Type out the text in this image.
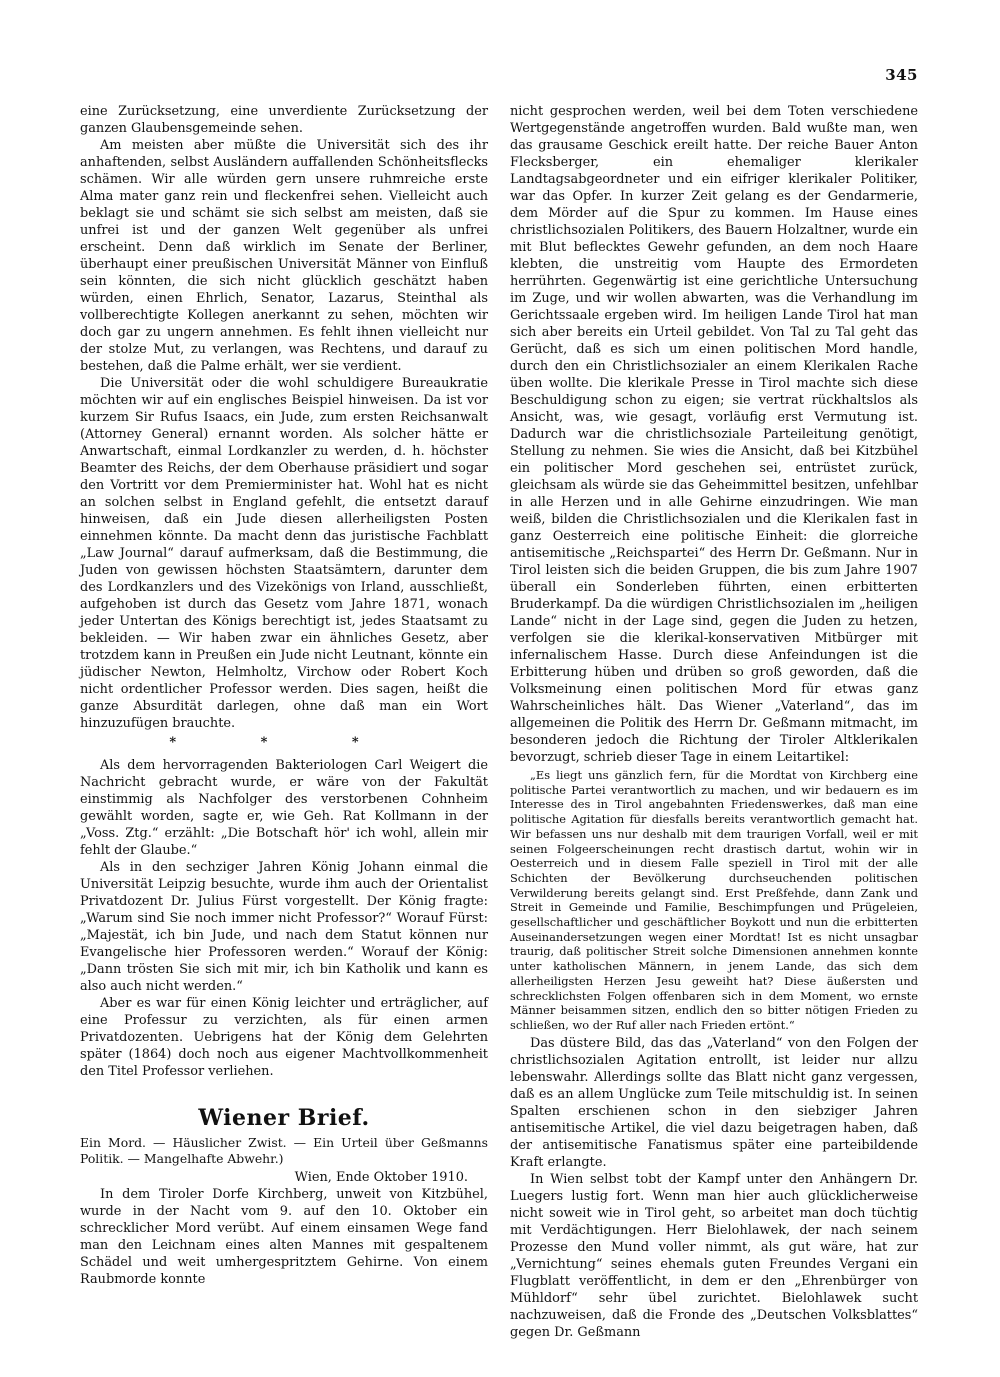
345

eine Zurücksetzung, eine unverdiente Zurücksetzung der ganzen Glaubensgemeinde sehen.

Am meisten aber müßte die Universität sich des ihr anhaftenden, selbst Ausländern auffallenden Schönheitsflecks schämen. Wir alle würden gern unsere ruhmreiche erste Alma mater ganz rein und fleckenfrei sehen. Vielleicht auch beklagt sie und schämt sie sich selbst am meisten, daß sie unfrei ist und der ganzen Welt gegenüber als unfrei erscheint. Denn daß wirklich im Senate der Berliner, überhaupt einer preußischen Universität Männer von Einfluß sein könnten, die sich nicht glücklich geschätzt haben würden, einen Ehrlich, Senator, Lazarus, Steinthal als vollberechtigte Kollegen anerkannt zu sehen, möchten wir doch gar zu ungern annehmen. Es fehlt ihnen vielleicht nur der stolze Mut, zu verlangen, was Rechtens, und darauf zu bestehen, daß die Palme erhält, wer sie verdient.

Die Universität oder die wohl schuldigere Bureaukratie möchten wir auf ein englisches Beispiel hinweisen. Da ist vor kurzem Sir Rufus Isaacs, ein Jude, zum ersten Reichsanwalt (Attorney General) ernannt worden. Als solcher hätte er Anwartschaft, einmal Lordkanzler zu werden, d. h. höchster Beamter des Reichs, der dem Oberhause präsidiert und sogar den Vortritt vor dem Premierminister hat. Wohl hat es nicht an solchen selbst in England gefehlt, die entsetzt darauf hinweisen, daß ein Jude diesen allerheiligsten Posten einnehmen könnte. Da macht denn das juristische Fachblatt „Law Journal“ darauf aufmerksam, daß die Bestimmung, die Juden von gewissen höchsten Staatsämtern, darunter dem des Lordkanzlers und des Vizekönigs von Irland, ausschließt, aufgehoben ist durch das Gesetz vom Jahre 1871, wonach jeder Untertan des Königs berechtigt ist, jedes Staatsamt zu bekleiden. — Wir haben zwar ein ähnliches Gesetz, aber trotzdem kann in Preußen ein Jude nicht Leutnant, könnte ein jüdischer Newton, Helmholtz, Virchow oder Robert Koch nicht ordentlicher Professor werden. Dies sagen, heißt die ganze Absurdität darlegen, ohne daß man ein Wort hinzuzufügen brauchte.

* * *

Als dem hervorragenden Bakteriologen Carl Weigert die Nachricht gebracht wurde, er wäre von der Fakultät einstimmig als Nachfolger des verstorbenen Cohnheim gewählt worden, sagte er, wie Geh. Rat Kollmann in der „Voss. Ztg.“ erzählt: „Die Botschaft hör' ich wohl, allein mir fehlt der Glaube.“

Als in den sechziger Jahren König Johann einmal die Universität Leipzig besuchte, wurde ihm auch der Orientalist Privatdozent Dr. Julius Fürst vorgestellt. Der König fragte: „Warum sind Sie noch immer nicht Professor?“ Worauf Fürst: „Majestät, ich bin Jude, und nach dem Statut können nur Evangelische hier Professoren werden.“ Worauf der König: „Dann trösten Sie sich mit mir, ich bin Katholik und kann es also auch nicht werden.“

Aber es war für einen König leichter und erträglicher, auf eine Professur zu verzichten, als für einen armen Privatdozenten. Uebrigens hat der König dem Gelehrten später (1864) doch noch aus eigener Machtvollkommenheit den Titel Professor verliehen.

Wiener Brief.

Ein Mord. — Häuslicher Zwist. — Ein Urteil über Geßmanns Politik. — Mangelhafte Abwehr.)

Wien, Ende Oktober 1910.

In dem Tiroler Dorfe Kirchberg, unweit von Kitzbühel, wurde in der Nacht vom 9. auf den 10. Oktober ein schrecklicher Mord verübt. Auf einem einsamen Wege fand man den Leichnam eines alten Mannes mit gespaltenem Schädel und weit umhergespritztem Gehirne. Von einem Raubmorde konnte

nicht gesprochen werden, weil bei dem Toten verschiedene Wertgegenstände angetroffen wurden. Bald wußte man, wen das grausame Geschick ereilt hatte. Der reiche Bauer Anton Flecksberger, ein ehemaliger klerikaler Landtagsabgeordneter und ein eifriger klerikaler Politiker, war das Opfer. In kurzer Zeit gelang es der Gendarmerie, dem Mörder auf die Spur zu kommen. Im Hause eines christlichsozialen Politikers, des Bauern Holzaltner, wurde ein mit Blut beflecktes Gewehr gefunden, an dem noch Haare klebten, die unstreitig vom Haupte des Ermordeten herrührten. Gegenwärtig ist eine gerichtliche Untersuchung im Zuge, und wir wollen abwarten, was die Verhandlung im Gerichtssaale ergeben wird. Im heiligen Lande Tirol hat man sich aber bereits ein Urteil gebildet. Von Tal zu Tal geht das Gerücht, daß es sich um einen politischen Mord handle, durch den ein Christlichsozialer an einem Klerikalen Rache üben wollte. Die klerikale Presse in Tirol machte sich diese Beschuldigung schon zu eigen; sie vertrat rückhaltslos als Ansicht, was, wie gesagt, vorläufig erst Vermutung ist. Dadurch war die christlichsoziale Parteileitung genötigt, Stellung zu nehmen. Sie wies die Ansicht, daß bei Kitzbühel ein politischer Mord geschehen sei, entrüstet zurück, gleichsam als würde sie das Geheimmittel besitzen, unfehlbar in alle Herzen und in alle Gehirne einzudringen. Wie man weiß, bilden die Christlichsozialen und die Klerikalen fast in ganz Oesterreich eine politische Einheit: die glorreiche antisemitische „Reichspartei“ des Herrn Dr. Geßmann. Nur in Tirol leisten sich die beiden Gruppen, die bis zum Jahre 1907 überall ein Sonderleben führten, einen erbitterten Bruderkampf. Da die würdigen Christlichsozialen im „heiligen Lande“ nicht in der Lage sind, gegen die Juden zu hetzen, verfolgen sie die klerikal-konservativen Mitbürger mit infernalischem Hasse. Durch diese Anfeindungen ist die Erbitterung hüben und drüben so groß geworden, daß die Volksmeinung einen politischen Mord für etwas ganz Wahrscheinliches hält. Das Wiener „Vaterland“, das im allgemeinen die Politik des Herrn Dr. Geßmann mitmacht, im besonderen jedoch die Richtung der Tiroler Altklerikalen bevorzugt, schrieb dieser Tage in einem Leitartikel:

„Es liegt uns gänzlich fern, für die Mordtat von Kirchberg eine politische Partei verantwortlich zu machen, und wir bedauern es im Interesse des in Tirol angebahnten Friedenswerkes, daß man eine politische Agitation für diesfalls bereits verantwortlich gemacht hat. Wir befassen uns nur deshalb mit dem traurigen Vorfall, weil er mit seinen Folgeerscheinungen recht drastisch dartut, wohin wir in Oesterreich und in diesem Falle speziell in Tirol mit der alle Schichten der Bevölkerung durchseuchenden politischen Verwilderung bereits gelangt sind. Erst Preßfehde, dann Zank und Streit in Gemeinde und Familie, Beschimpfungen und Prügeleien, gesellschaftlicher und geschäftlicher Boykott und nun die erbitterten Auseinandersetzungen wegen einer Mordtat! Ist es nicht unsagbar traurig, daß politischer Streit solche Dimensionen annehmen konnte unter katholischen Männern, in jenem Lande, das sich dem allerheiligsten Herzen Jesu geweiht hat? Diese äußersten und schrecklichsten Folgen offenbaren sich in dem Moment, wo ernste Männer beisammen sitzen, endlich den so bitter nötigen Frieden zu schließen, wo der Ruf aller nach Frieden ertönt.“

Das düstere Bild, das das „Vaterland“ von den Folgen der christlichsozialen Agitation entrollt, ist leider nur allzu lebenswahr. Allerdings sollte das Blatt nicht ganz vergessen, daß es an allem Unglücke zum Teile mitschuldig ist. In seinen Spalten erschienen schon in den siebziger Jahren antisemitische Artikel, die viel dazu beigetragen haben, daß der antisemitische Fanatismus später eine parteibildende Kraft erlangte.

In Wien selbst tobt der Kampf unter den Anhängern Dr. Luegers lustig fort. Wenn man hier auch glücklicherweise nicht soweit wie in Tirol geht, so arbeitet man doch tüchtig mit Verdächtigungen. Herr Bielohlawek, der nach seinem Prozesse den Mund voller nimmt, als gut wäre, hat zur „Vernichtung“ seines ehemals guten Freundes Vergani ein Flugblatt veröffentlicht, in dem er den „Ehrenbürger von Mühldorf“ sehr übel zurichtet. Bielohlawek sucht nachzuweisen, daß die Fronde des „Deutschen Volksblattes“ gegen Dr. Geßmann
